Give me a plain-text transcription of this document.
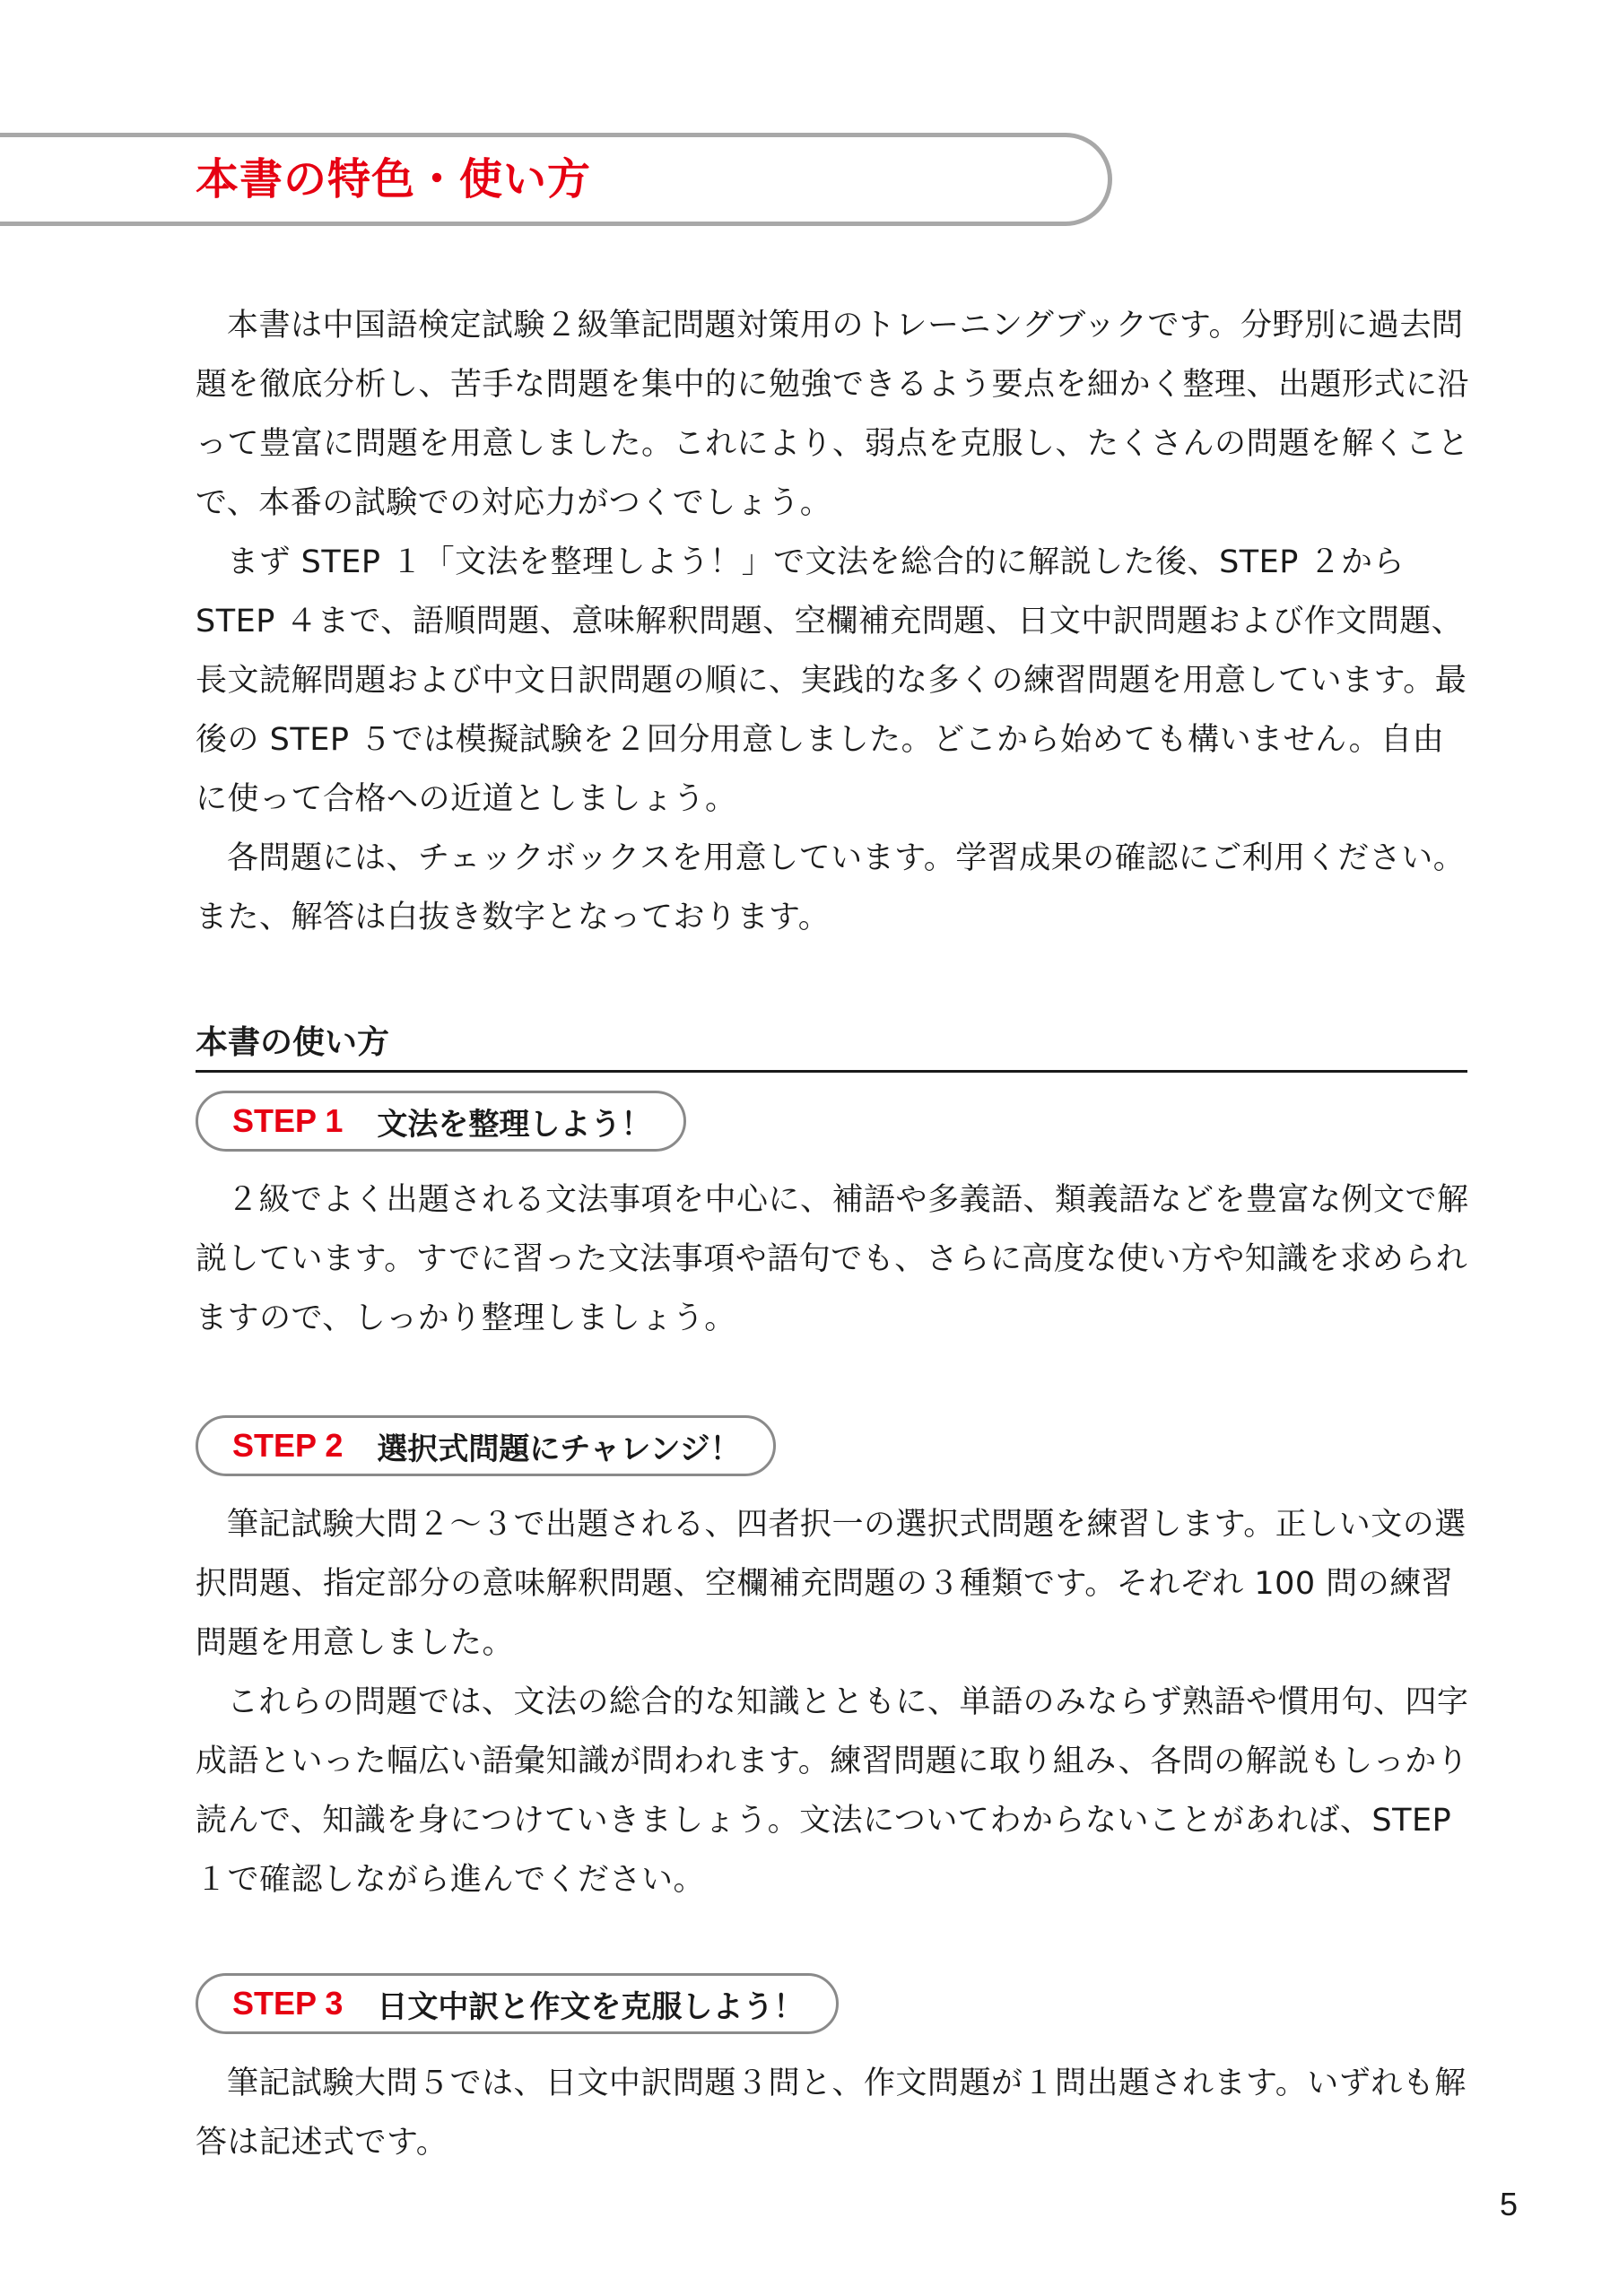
本書の特色・使い方

本書は中国語検定試験２級筆記問題対策用のトレーニングブックです。分野別に過去問題を徹底分析し、苦手な問題を集中的に勉強できるよう要点を細かく整理、出題形式に沿って豊富に問題を用意しました。これにより、弱点を克服し、たくさんの問題を解くことで、本番の試験での対応力がつくでしょう。

まず STEP １「文法を整理しよう！」で文法を総合的に解説した後、STEP ２から STEP ４まで、語順問題、意味解釈問題、空欄補充問題、日文中訳問題および作文問題、長文読解問題および中文日訳問題の順に、実践的な多くの練習問題を用意しています。最後の STEP ５では模擬試験を２回分用意しました。どこから始めても構いません。自由に使って合格への近道としましょう。

各問題には、チェックボックスを用意しています。学習成果の確認にご利用ください。また、解答は白抜き数字となっております。

本書の使い方
STEP 1 文法を整理しよう！

２級でよく出題される文法事項を中心に、補語や多義語、類義語などを豊富な例文で解説しています。すでに習った文法事項や語句でも、さらに高度な使い方や知識を求められますので、しっかり整理しましょう。

STEP 2 選択式問題にチャレンジ！

筆記試験大問２～３で出題される、四者択一の選択式問題を練習します。正しい文の選択問題、指定部分の意味解釈問題、空欄補充問題の３種類です。それぞれ 100 問の練習問題を用意しました。

これらの問題では、文法の総合的な知識とともに、単語のみならず熟語や慣用句、四字成語といった幅広い語彙知識が問われます。練習問題に取り組み、各問の解説もしっかり読んで、知識を身につけていきましょう。文法についてわからないことがあれば、STEP １で確認しながら進んでください。

STEP 3 日文中訳と作文を克服しよう！

筆記試験大問５では、日文中訳問題３問と、作文問題が１問出題されます。いずれも解答は記述式です。

5
